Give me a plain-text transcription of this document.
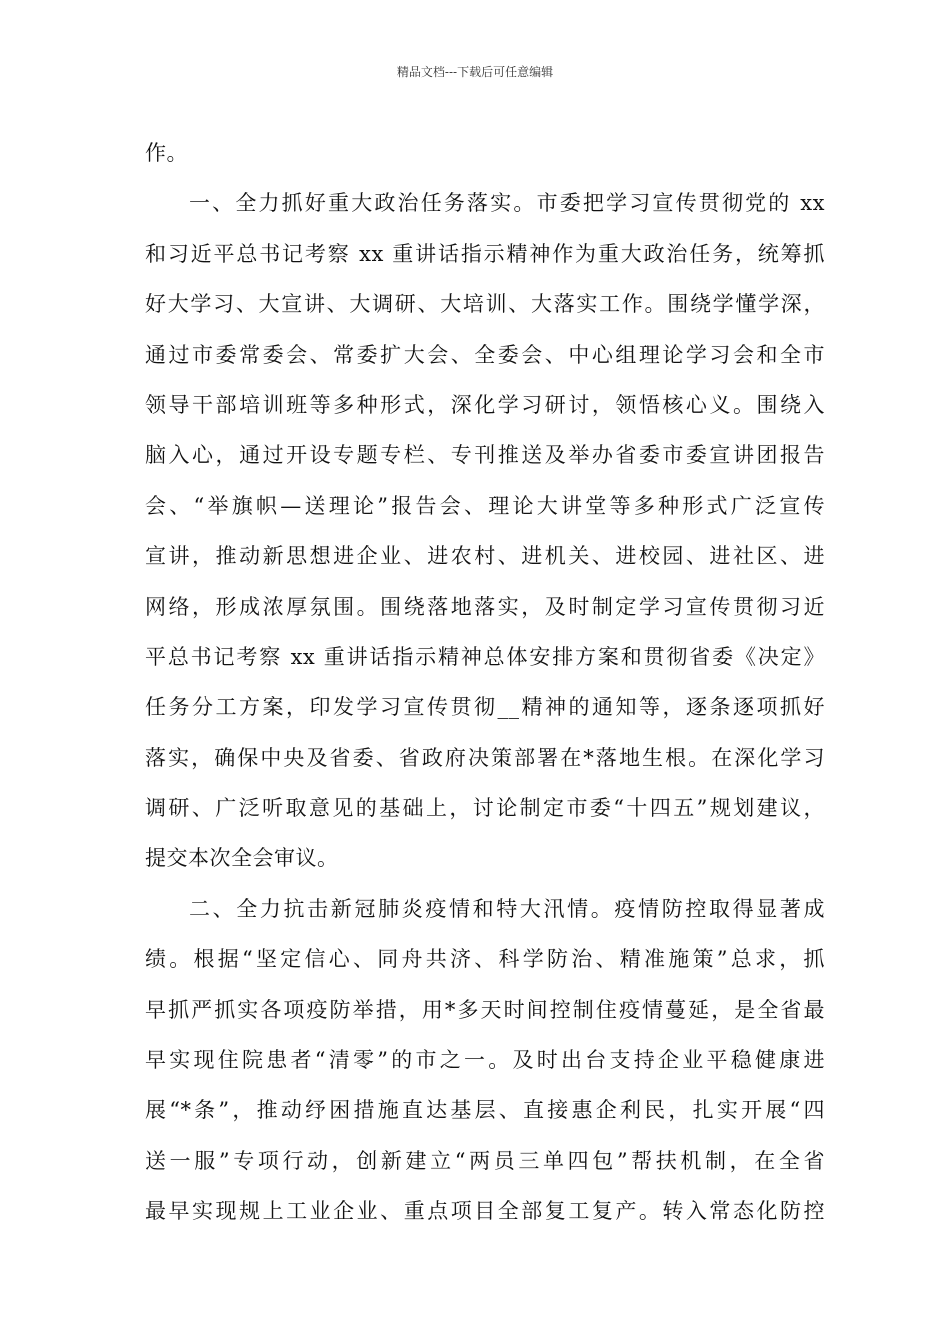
精品文档---下载后可任意编辑
作。
一、全力抓好重大政治任务落实。市委把学习宣传贯彻党的 xx
和习近平总书记考察 xx 重讲话指示精神作为重大政治任务，统筹抓
好大学习、大宣讲、大调研、大培训、大落实工作。围绕学懂学深，
通过市委常委会、常委扩大会、全委会、中心组理论学习会和全市
领导干部培训班等多种形式，深化学习研讨，领悟核心义。围绕入
脑入心，通过开设专题专栏、专刊推送及举办省委市委宣讲团报告
会、“举旗帜—送理论”报告会、理论大讲堂等多种形式广泛宣传
宣讲，推动新思想进企业、进农村、进机关、进校园、进社区、进
网络，形成浓厚氛围。围绕落地落实，及时制定学习宣传贯彻习近
平总书记考察 xx 重讲话指示精神总体安排方案和贯彻省委《决定》
任务分工方案，印发学习宣传贯彻__精神的通知等，逐条逐项抓好
落实，确保中央及省委、省政府决策部署在*落地生根。在深化学习
调研、广泛听取意见的基础上，讨论制定市委“十四五”规划建议，
提交本次全会审议。
二、全力抗击新冠肺炎疫情和特大汛情。疫情防控取得显著成
绩。根据“坚定信心、同舟共济、科学防治、精准施策”总求，抓
早抓严抓实各项疫防举措，用*多天时间控制住疫情蔓延，是全省最
早实现住院患者“清零”的市之一。及时出台支持企业平稳健康进
展“*条”，推动纾困措施直达基层、直接惠企利民，扎实开展“四
送一服”专项行动，创新建立“两员三单四包”帮扶机制，在全省
最早实现规上工业企业、重点项目全部复工复产。转入常态化防控
